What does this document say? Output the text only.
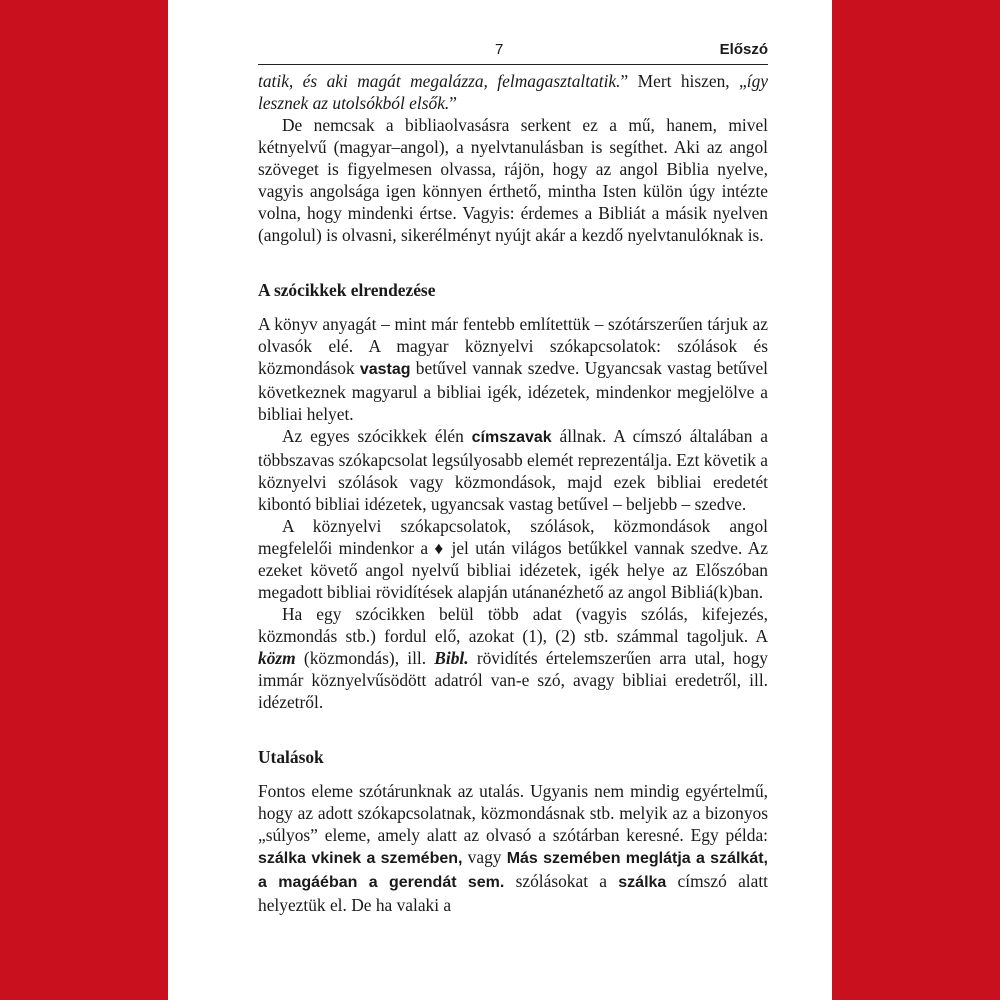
7	Előszó

tatik, és aki magát megalázza, felmagasztaltatik.” Mert hiszen, „így lesznek az utolsókból elsők.”

De nemcsak a bibliaolvasásra serkent ez a mű, hanem, mivel kétnyelvű (magyar–angol), a nyelvtanulásban is segíthet. Aki az angol szöveget is figyelmesen olvassa, rájön, hogy az angol Biblia nyelve, vagyis angolsága igen könnyen érthető, mintha Isten külön úgy intézte volna, hogy mindenki értse. Vagyis: érdemes a Bibliát a másik nyelven (angolul) is olvasni, sikerélményt nyújt akár a kezdő nyelvtanulóknak is.

A szócikkek elrendezése

A könyv anyagát – mint már fentebb említettük – szótárszerűen tárjuk az olvasók elé. A magyar köznyelvi szókapcsolatok: szólások és közmondások vastag betűvel vannak szedve. Ugyancsak vastag betűvel következnek magyarul a bibliai igék, idézetek, mindenkor megjelölve a bibliai helyet.

Az egyes szócikkek élén címszavak állnak. A címszó általában a többszavas szókapcsolat legsúlyosabb elemét reprezentálja. Ezt követik a köznyelvi szólások vagy közmondások, majd ezek bibliai eredetét kibontó bibliai idézetek, ugyancsak vastag betűvel – beljebb – szedve.

A köznyelvi szókapcsolatok, szólások, közmondások angol megfelelői mindenkor a ♦ jel után világos betűkkel vannak szedve. Az ezeket követő angol nyelvű bibliai idézetek, igék helye az Előszóban megadott bibliai rövidítések alapján utánanézhető az angol Bibliá(k)ban.

Ha egy szócikken belül több adat (vagyis szólás, kifejezés, közmondás stb.) fordul elő, azokat (1), (2) stb. számmal tagoljuk. A közm (közmondás), ill. Bibl. rövidítés értelemszerűen arra utal, hogy immár köznyelvűsödött adatról van-e szó, avagy bibliai eredetről, ill. idézetről.

Utalások

Fontos eleme szótárunknak az utalás. Ugyanis nem mindig egyértelmű, hogy az adott szókapcsolatnak, közmondásnak stb. melyik az a bizonyos „súlyos” eleme, amely alatt az olvasó a szótárban keresné. Egy példa: szálka vkinek a szemében, vagy Más szemében meglátja a szálkát, a magáéban a gerendát sem. szólásokat a szálka címszó alatt helyeztük el. De ha valaki a
